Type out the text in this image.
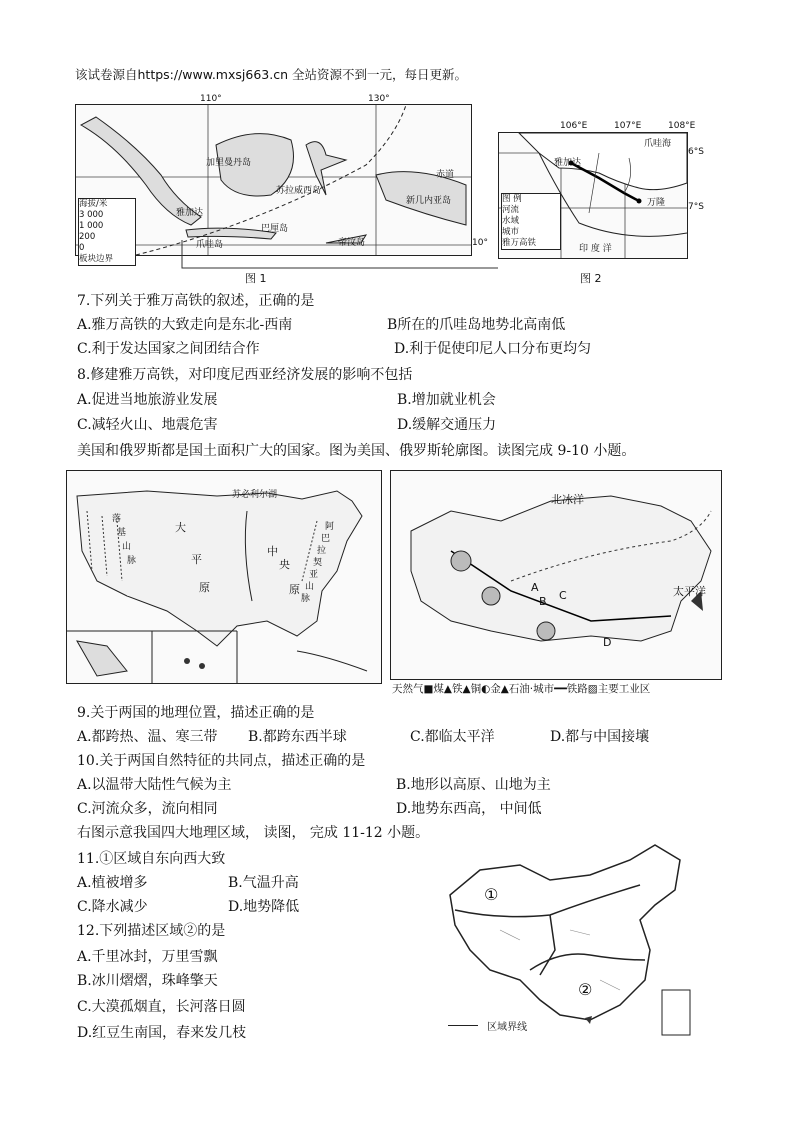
该试卷源自https://www.mxsj663.cn 全站资源不到一元，每日更新。
加里曼丹岛
苏拉威西岛
赤道
雅加达
爪哇岛
巴厘岛
帝汶岛
新几内亚岛
海拔/米
3 000
1 000
200
0
板块边界
110°	130°
10°
图 1
雅加达
爪哇海
万隆
印 度 洋
图 例
河流
水域
城市
雅万高铁
106°E	107°E	108°E
6°S
7°S
图 2
7.下列关于雅万高铁的叙述，正确的是
A.雅万高铁的大致走向是东北-西南	B所在的爪哇岛地势北高南低
C.利于发达国家之间团结合作	D.利于促使印尼人口分布更均匀
8.修建雅万高铁，对印度尼西亚经济发展的影响不包括
A.促进当地旅游业发展	B.增加就业机会
C.减轻火山、地震危害	D.缓解交通压力
美国和俄罗斯都是国土面积广大的国家。图为美国、俄罗斯轮廓图。读图完成 9-10 小题。
苏必利尔湖
大
平
原
中
央
原
落
基
山
脉
阿
巴
拉
契
亚
山
脉
北冰洋
太平洋
A
B C
D
天然气■煤▲铁▲铜◐金▲石油·城市━━铁路▨主要工业区
9.关于两国的地理位置，描述正确的是
A.都跨热、温、寒三带 B.都跨东西半球	C.都临太平洋	D.都与中国接壤
10.关于两国自然特征的共同点，描述正确的是
A.以温带大陆性气候为主	B.地形以高原、山地为主
C.河流众多，流向相同	D.地势东西高， 中间低
右图示意我国四大地理区域， 读图， 完成 11-12 小题。
11.①区域自东向西大致
A.植被增多	B.气温升高
C.降水减少	D.地势降低
12.下列描述区域②的是
A.千里冰封，万里雪飘
B.冰川熠熠，珠峰擎天
C.大漠孤烟直，长河落日圆
D.红豆生南国，春来发几枝
①
②
区域界线
